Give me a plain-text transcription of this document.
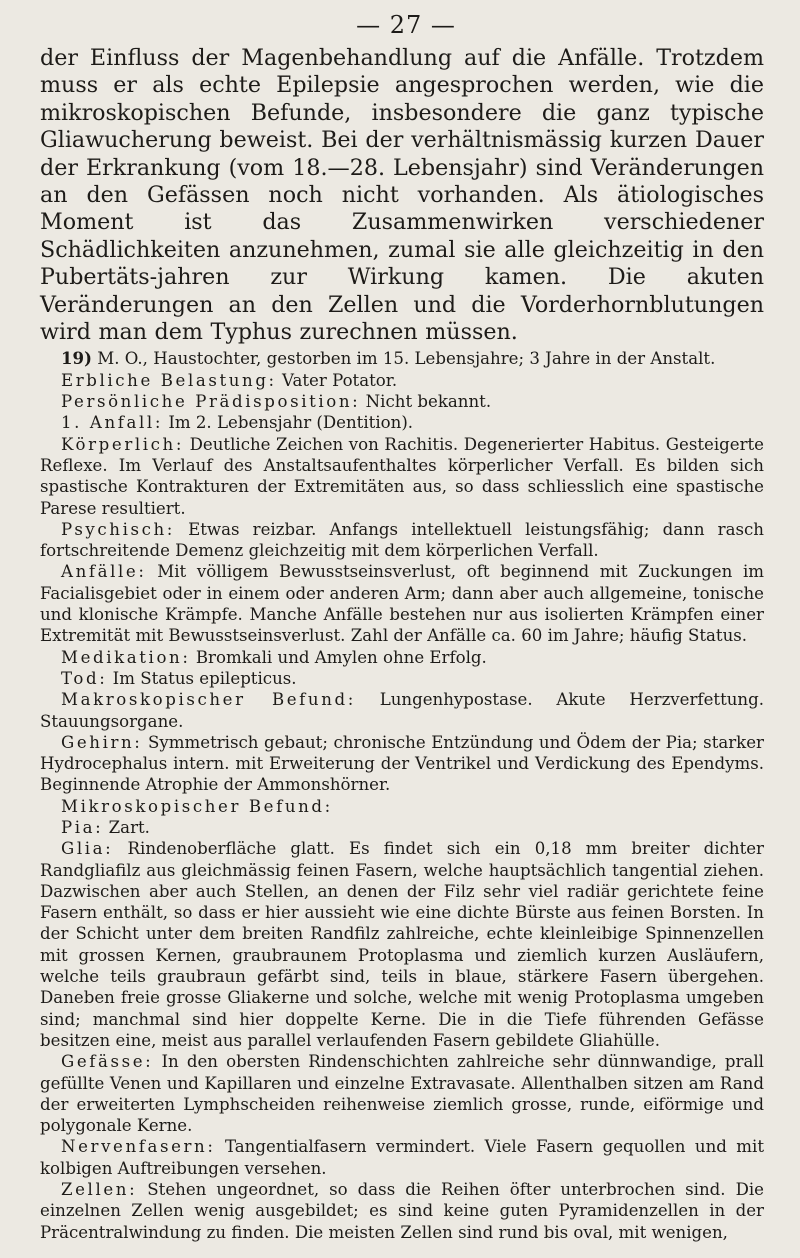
— 27 —

der Einfluss der Magenbehandlung auf die Anfälle. Trotzdem muss er als echte Epilepsie angesprochen werden, wie die mikroskopischen Befunde, insbesondere die ganz typische Gliawucherung beweist. Bei der verhältnismässig kurzen Dauer der Erkrankung (vom 18.—28. Lebensjahr) sind Veränderungen an den Gefässen noch nicht vorhanden. Als ätiologisches Moment ist das Zusammenwirken verschiedener Schädlichkeiten anzunehmen, zumal sie alle gleichzeitig in den Pubertäts-jahren zur Wirkung kamen. Die akuten Veränderungen an den Zellen und die Vorderhornblutungen wird man dem Typhus zurechnen müssen.

19) M. O., Haustochter, gestorben im 15. Lebensjahre; 3 Jahre in der Anstalt.

Erbliche Belastung: Vater Potator.

Persönliche Prädisposition: Nicht bekannt.

1. Anfall: Im 2. Lebensjahr (Dentition).

Körperlich: Deutliche Zeichen von Rachitis. Degenerierter Habitus. Gesteigerte Reflexe. Im Verlauf des Anstaltsaufenthaltes körperlicher Verfall. Es bilden sich spastische Kontrakturen der Extremitäten aus, so dass schliesslich eine spastische Parese resultiert.

Psychisch: Etwas reizbar. Anfangs intellektuell leistungsfähig; dann rasch fortschreitende Demenz gleichzeitig mit dem körperlichen Verfall.

Anfälle: Mit völligem Bewusstseinsverlust, oft beginnend mit Zuckungen im Facialisgebiet oder in einem oder anderen Arm; dann aber auch allgemeine, tonische und klonische Krämpfe. Manche Anfälle bestehen nur aus isolierten Krämpfen einer Extremität mit Bewusstseinsverlust. Zahl der Anfälle ca. 60 im Jahre; häufig Status.

Medikation: Bromkali und Amylen ohne Erfolg.

Tod: Im Status epilepticus.

Makroskopischer Befund: Lungenhypostase. Akute Herzverfettung. Stauungsorgane.

Gehirn: Symmetrisch gebaut; chronische Entzündung und Ödem der Pia; starker Hydrocephalus intern. mit Erweiterung der Ventrikel und Verdickung des Ependyms. Beginnende Atrophie der Ammonshörner.

Mikroskopischer Befund:

Pia: Zart.

Glia: Rindenoberfläche glatt. Es findet sich ein 0,18 mm breiter dichter Randgliafilz aus gleichmässig feinen Fasern, welche hauptsächlich tangential ziehen. Dazwischen aber auch Stellen, an denen der Filz sehr viel radiär gerichtete feine Fasern enthält, so dass er hier aussieht wie eine dichte Bürste aus feinen Borsten. In der Schicht unter dem breiten Randfilz zahlreiche, echte kleinleibige Spinnenzellen mit grossen Kernen, graubraunem Protoplasma und ziemlich kurzen Ausläufern, welche teils graubraun gefärbt sind, teils in blaue, stärkere Fasern übergehen. Daneben freie grosse Gliakerne und solche, welche mit wenig Protoplasma umgeben sind; manchmal sind hier doppelte Kerne. Die in die Tiefe führenden Gefässe besitzen eine, meist aus parallel verlaufenden Fasern gebildete Gliahülle.

Gefässe: In den obersten Rindenschichten zahlreiche sehr dünnwandige, prall gefüllte Venen und Kapillaren und einzelne Extravasate. Allenthalben sitzen am Rand der erweiterten Lymphscheiden reihenweise ziemlich grosse, runde, eiförmige und polygonale Kerne.

Nervenfasern: Tangentialfasern vermindert. Viele Fasern gequollen und mit kolbigen Auftreibungen versehen.

Zellen: Stehen ungeordnet, so dass die Reihen öfter unterbrochen sind. Die einzelnen Zellen wenig ausgebildet; es sind keine guten Pyramidenzellen in der Präcentralwindung zu finden. Die meisten Zellen sind rund bis oval, mit wenigen,
